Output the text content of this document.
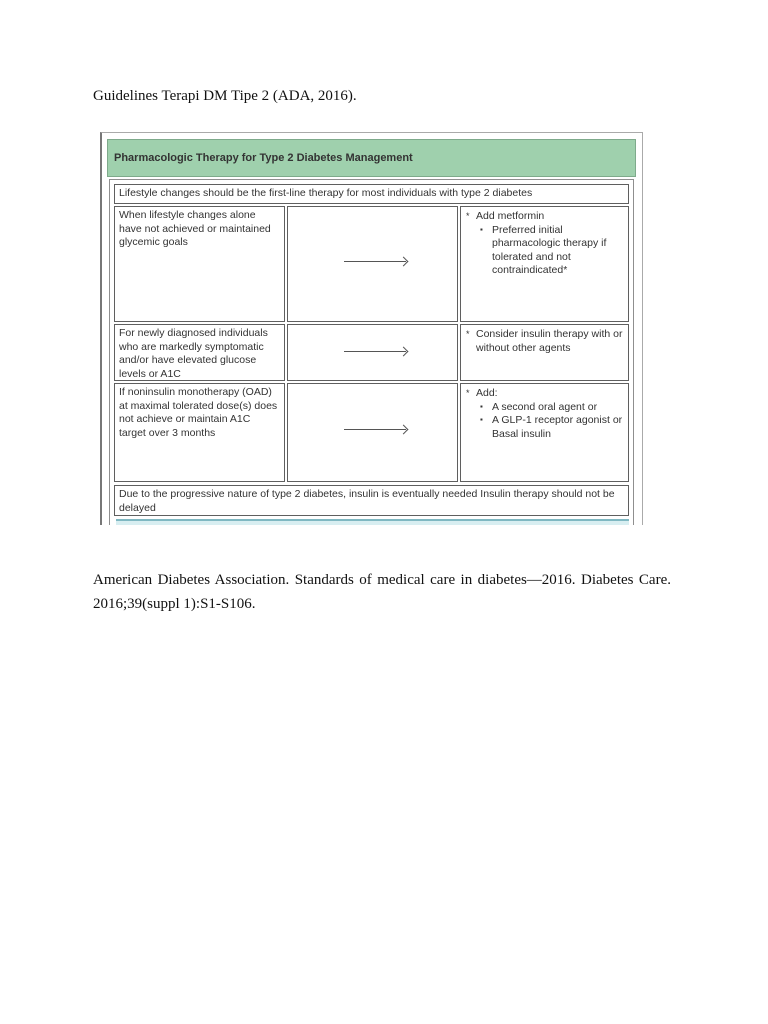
Guidelines Terapi DM Tipe 2 (ADA, 2016).
Pharmacologic Therapy for Type 2 Diabetes Management
Lifestyle changes should be the first-line therapy for most individuals with type 2 diabetes
When lifestyle changes alone have not achieved or maintained glycemic goals
* Add metformin
▪ Preferred initial pharmacologic therapy if tolerated and not contraindicated*
For newly diagnosed individuals who are markedly symptomatic and/or have elevated glucose levels or A1C
* Consider insulin therapy with or without other agents
If noninsulin monotherapy (OAD) at maximal tolerated dose(s) does not achieve or maintain A1C target over 3 months
* Add:
▪ A second oral agent or
▪ A GLP-1 receptor agonist or Basal insulin
Due to the progressive nature of type 2 diabetes, insulin is eventually needed Insulin therapy should not be delayed
American Diabetes Association. Standards of medical care in diabetes—2016. Diabetes Care. 2016;39(suppl 1):S1-S106.
